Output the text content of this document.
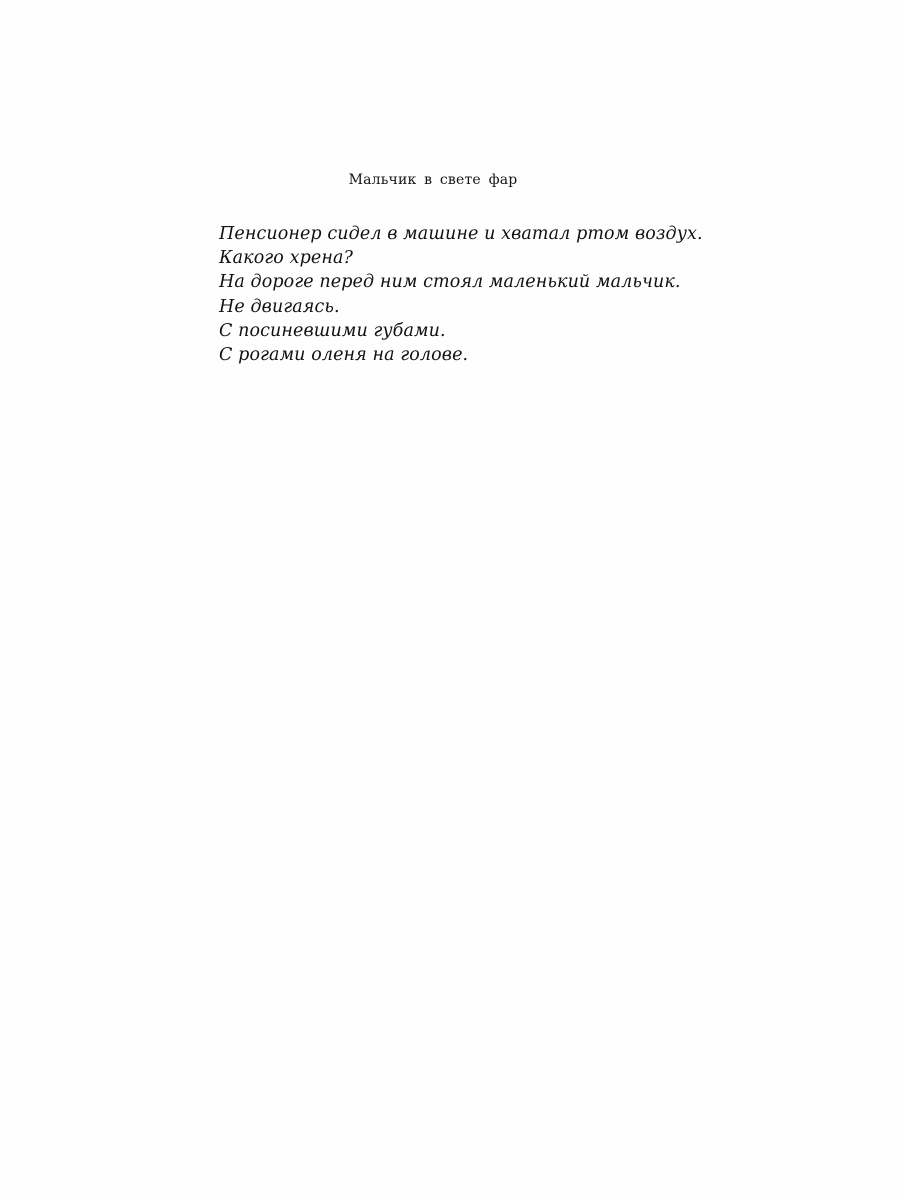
Мальчик в свете фар
Пенсионер сидел в машине и хватал ртом воздух.
Какого хрена?
На дороге перед ним стоял маленький мальчик.
Не двигаясь.
С посиневшими губами.
С рогами оленя на голове.
